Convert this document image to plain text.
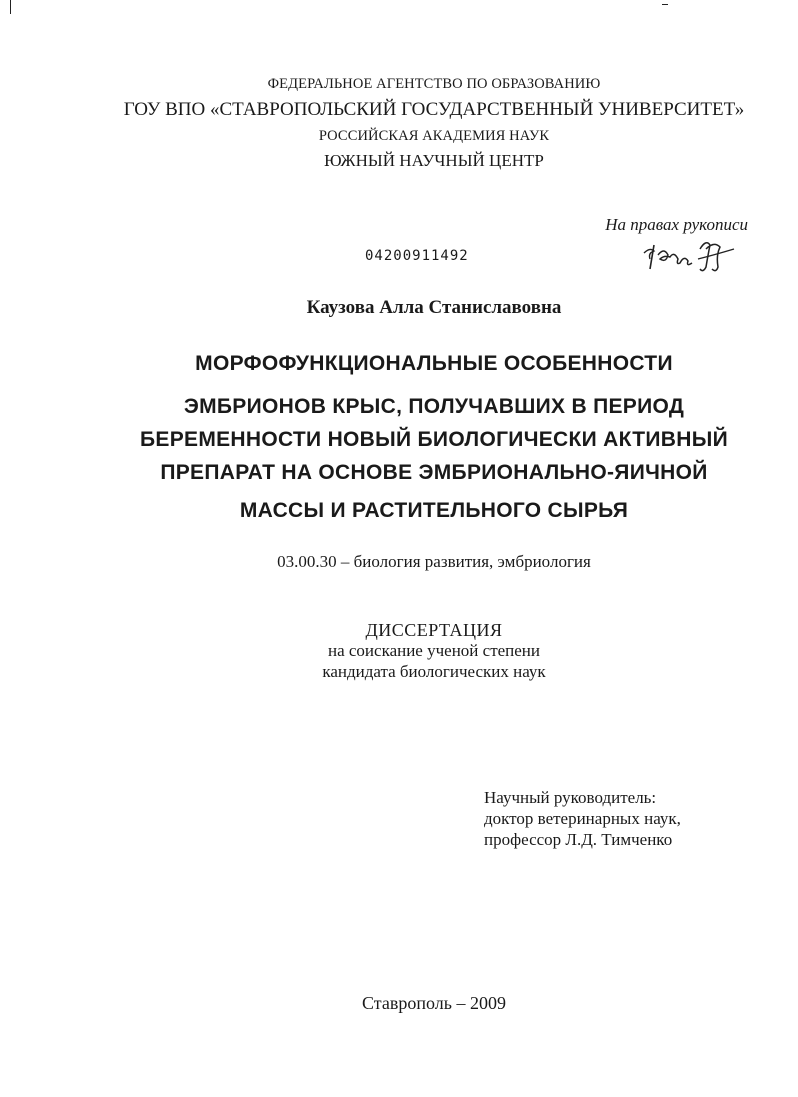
ФЕДЕРАЛЬНОЕ АГЕНТСТВО ПО ОБРАЗОВАНИЮ
ГОУ ВПО «СТАВРОПОЛЬСКИЙ ГОСУДАРСТВЕННЫЙ УНИВЕРСИТЕТ»
РОССИЙСКАЯ АКАДЕМИЯ НАУК
ЮЖНЫЙ НАУЧНЫЙ ЦЕНТР
На правах рукописи
04200911492
Каузова Алла Станиславовна
МОРФОФУНКЦИОНАЛЬНЫЕ ОСОБЕННОСТИ
ЭМБРИОНОВ КРЫС, ПОЛУЧАВШИХ В ПЕРИОД
БЕРЕМЕННОСТИ НОВЫЙ БИОЛОГИЧЕСКИ АКТИВНЫЙ
ПРЕПАРАТ НА ОСНОВЕ ЭМБРИОНАЛЬНО-ЯИЧНОЙ
МАССЫ И РАСТИТЕЛЬНОГО СЫРЬЯ
03.00.30 – биология развития, эмбриология
ДИССЕРТАЦИЯ
на соискание ученой степени
кандидата биологических наук
Научный руководитель:
доктор ветеринарных наук,
профессор Л.Д. Тимченко
Ставрополь – 2009
